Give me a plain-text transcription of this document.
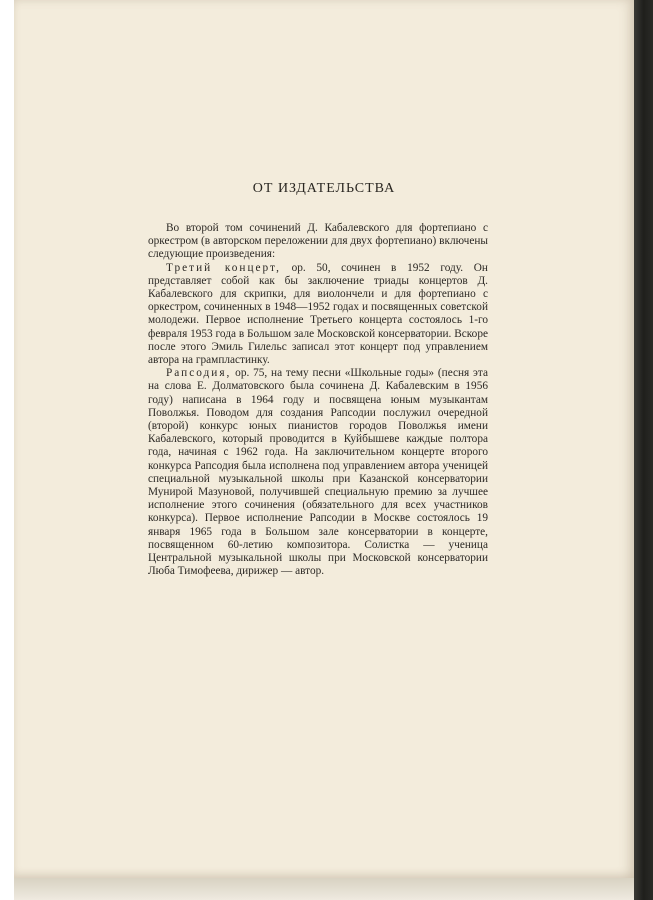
ОТ ИЗДАТЕЛЬСТВА

Во второй том сочинений Д. Кабалевского для фортепиано с оркестром (в авторском переложении для двух фортепиано) включены следующие произведения:

Третий концерт, ор. 50, сочинен в 1952 году. Он представляет собой как бы заключение триады концертов Д. Кабалевского для скрипки, для виолончели и для фортепиано с оркестром, сочиненных в 1948—1952 годах и посвященных советской молодежи. Первое исполнение Третьего концерта состоялось 1-го февраля 1953 года в Большом зале Московской консерватории. Вскоре после этого Эмиль Гилельс записал этот концерт под управлением автора на грампластинку.

Рапсодия, ор. 75, на тему песни «Школьные годы» (песня эта на слова Е. Долматовского была сочинена Д. Кабалевским в 1956 году) написана в 1964 году и посвящена юным музыкантам Поволжья. Поводом для создания Рапсодии послужил очередной (второй) конкурс юных пианистов городов Поволжья имени Кабалевского, который проводится в Куйбышеве каждые полтора года, начиная с 1962 года. На заключительном концерте второго конкурса Рапсодия была исполнена под управлением автора ученицей специальной музыкальной школы при Казанской консерватории Мунирой Мазуновой, получившей специальную премию за лучшее исполнение этого сочинения (обязательного для всех участников конкурса). Первое исполнение Рапсодии в Москве состоялось 19 января 1965 года в Большом зале консерватории в концерте, посвященном 60-летию композитора. Солистка — ученица Центральной музыкальной школы при Московской консерватории Люба Тимофеева, дирижер — автор.
